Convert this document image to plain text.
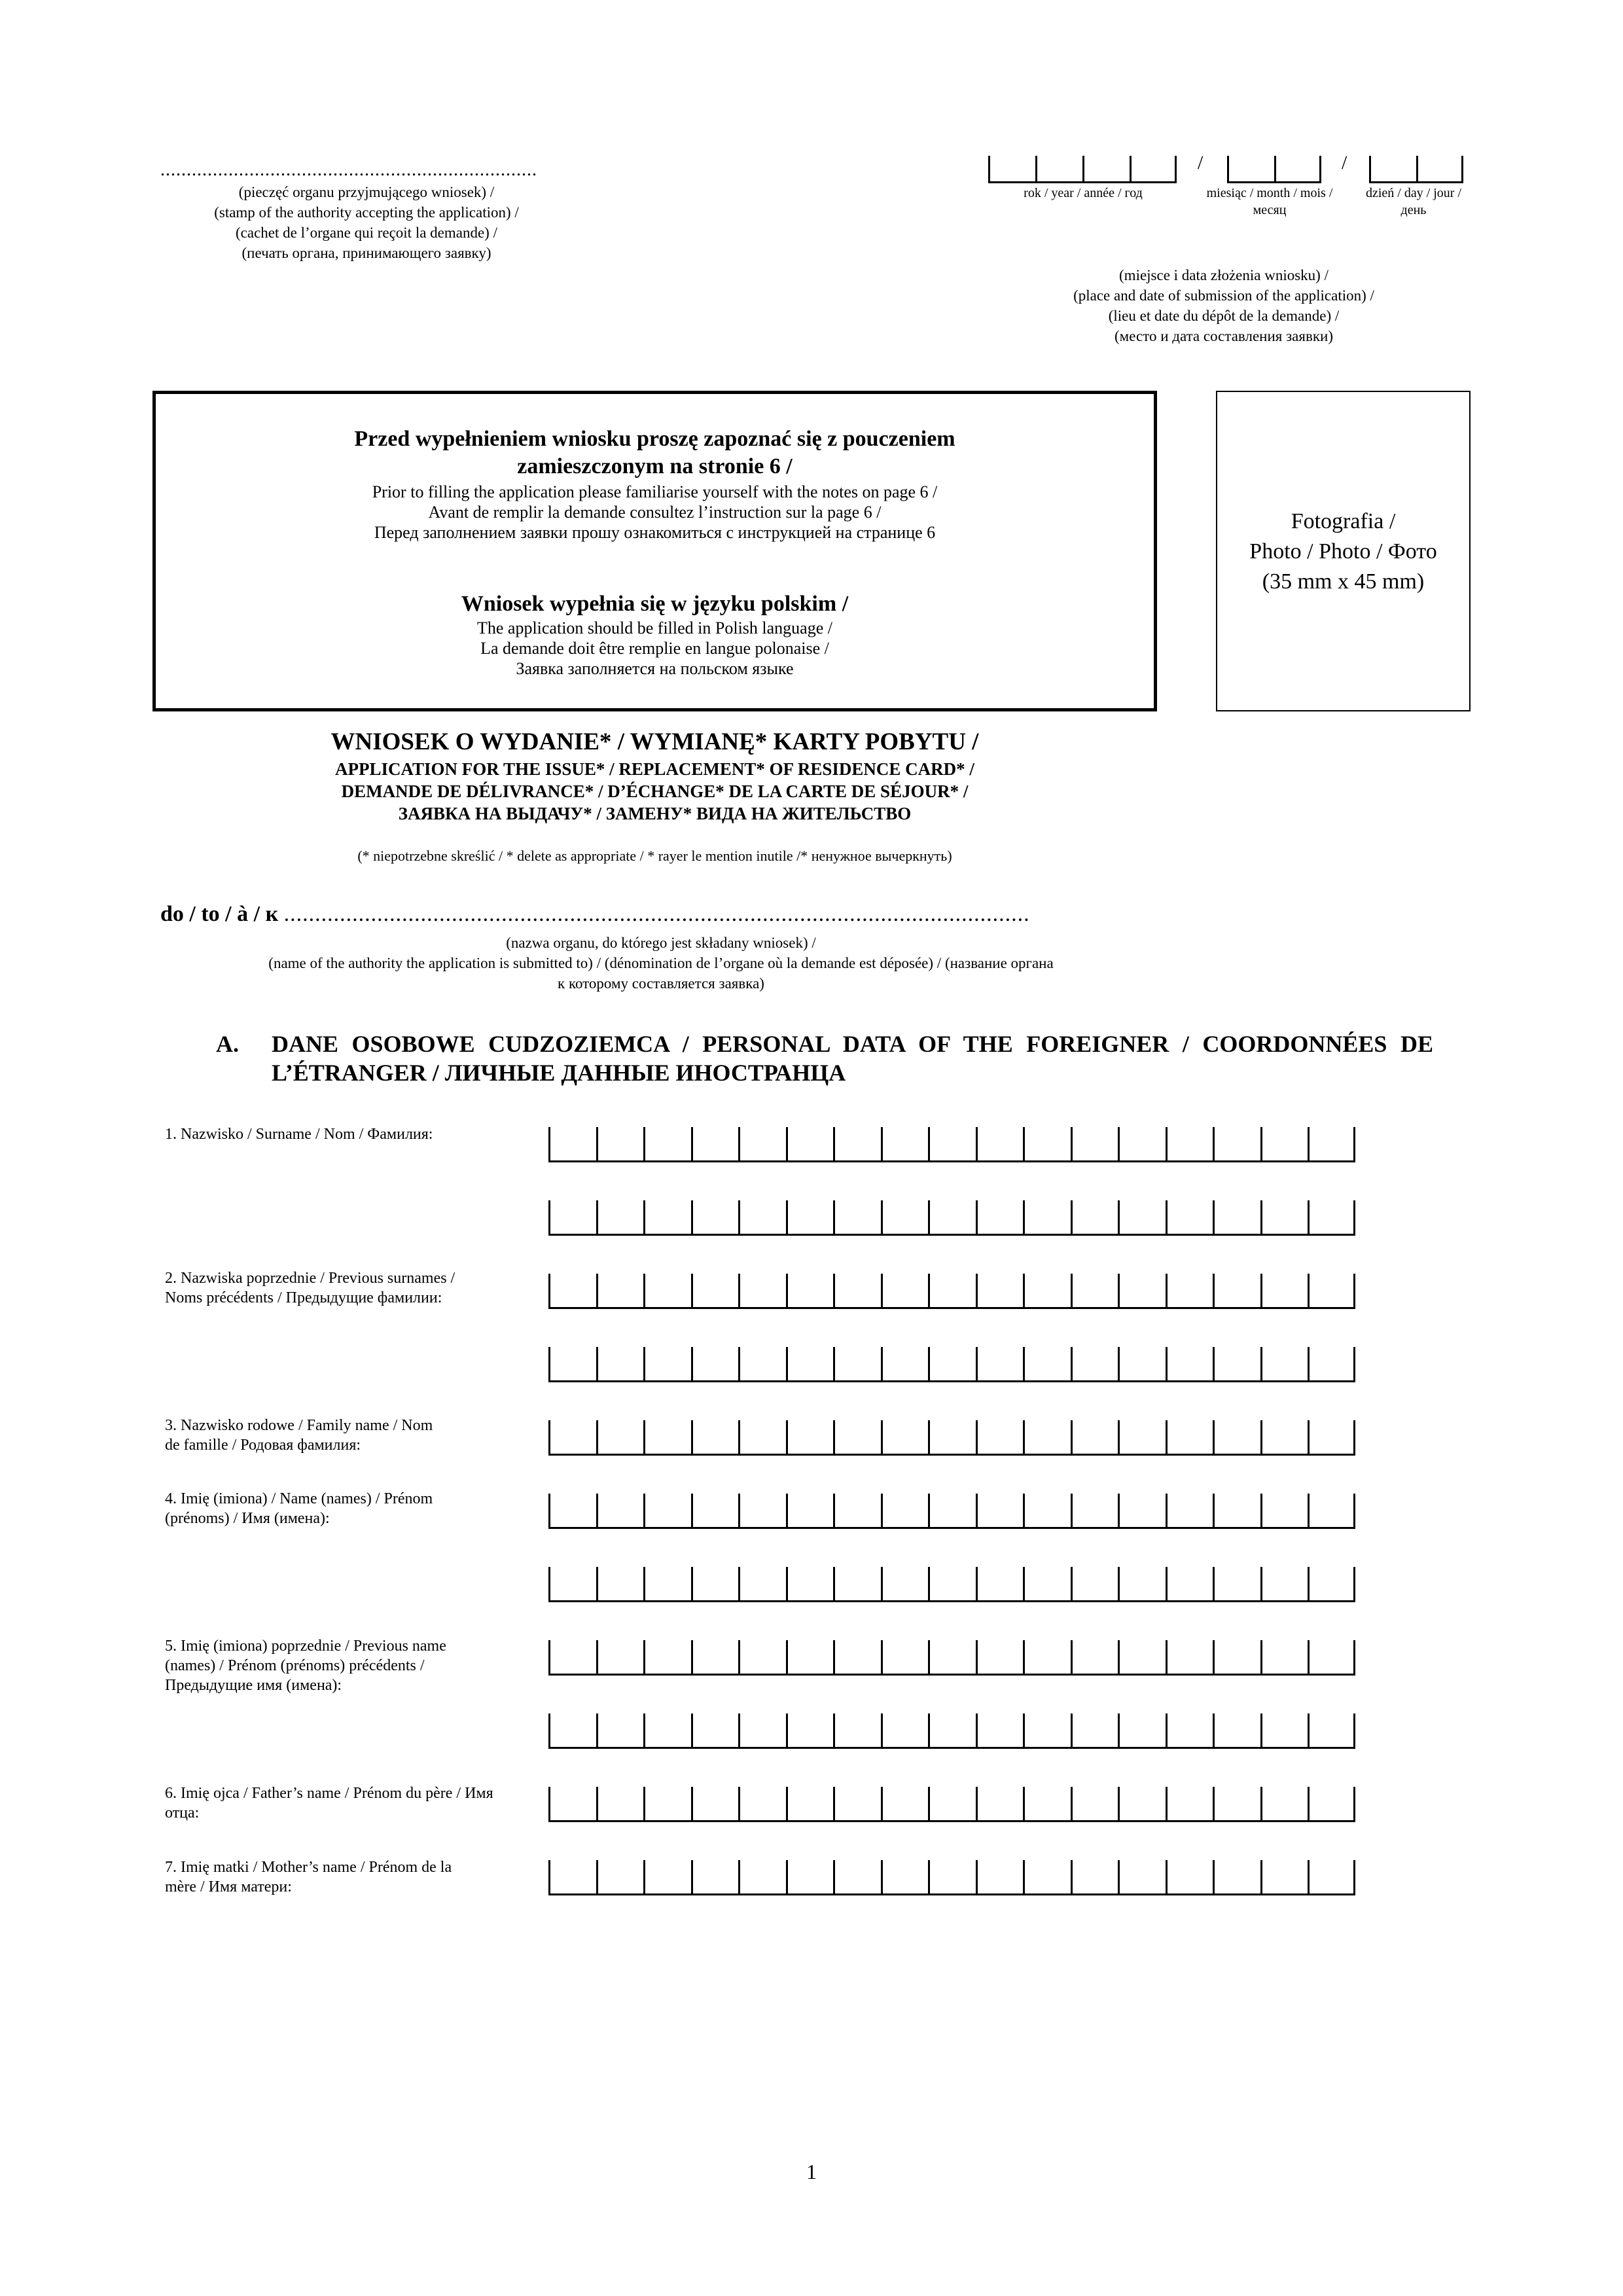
........................................................................
(pieczęć organu przyjmującego wniosek) /
(stamp of the authority accepting the application) /
(cachet de l’organe qui reçoit la demande) /
(печать органа, принимающего заявку)
/	/
rok / year / année / год	miesiąc / month / mois / месяц
dzień / day / jour / день
(miejsce i data złożenia wniosku) /
(place and date of submission of the application) /
(lieu et date du dépôt de la demande) /
(место и дата составления заявки)
Przed wypełnieniem wniosku proszę zapoznać się z pouczeniem zamieszczonym na stronie 6 /
Prior to filling the application please familiarise yourself with the notes on page 6 /
Avant de remplir la demande consultez l’instruction sur la page 6 /
Перед заполнением заявки прошу ознакомиться с инструкцией на странице 6
Wniosek wypełnia się w języku polskim /
The application should be filled in Polish language /
La demande doit être remplie en langue polonaise /
Заявка заполняется на польском языке
Fotografia /
Photo / Photo / Фото
(35 mm x 45 mm)
WNIOSEK O WYDANIE* / WYMIANĘ* KARTY POBYTU /
APPLICATION FOR THE ISSUE* / REPLACEMENT* OF RESIDENCE CARD* /
DEMANDE DE DÉLIVRANCE* / D’ÉCHANGE* DE LA CARTE DE SÉJOUR* /
ЗАЯВКА НА ВЫДАЧУ* / ЗАМЕНУ* ВИДА НА ЖИТЕЛЬСТВО
(* niepotrzebne skreślić / * delete as appropriate / * rayer le mention inutile /* ненужное вычеркнуть)
do / to / à / к ........................................................................................................................
(nazwa organu, do którego jest składany wniosek) /
(name of the authority the application is submitted to) / (dénomination de l’organe où la demande est déposée) / (название органа
к которому составляется заявка)
A. DANE OSOBOWE CUDZOZIEMCA / PERSONAL DATA OF THE FOREIGNER / COORDONNÉES DE L’ÉTRANGER / ЛИЧНЫЕ ДАННЫЕ ИНОСТРАНЦА
1. Nazwisko / Surname / Nom / Фамилия:
2. Nazwiska poprzednie / Previous surnames /
Noms précédents / Предыдущие фамилии:
3. Nazwisko rodowe / Family name / Nom
de famille / Родовая фамилия:
4. Imię (imiona) / Name (names) / Prénom
(prénoms) / Имя (имена):
5. Imię (imiona) poprzednie / Previous name
(names) / Prénom (prénoms) précédents /
Предыдущие имя (имена):
6. Imię ojca / Father’s name / Prénom du père / Имя
отца:
7. Imię matki / Mother’s name / Prénom de la
mère / Имя матери:
1
